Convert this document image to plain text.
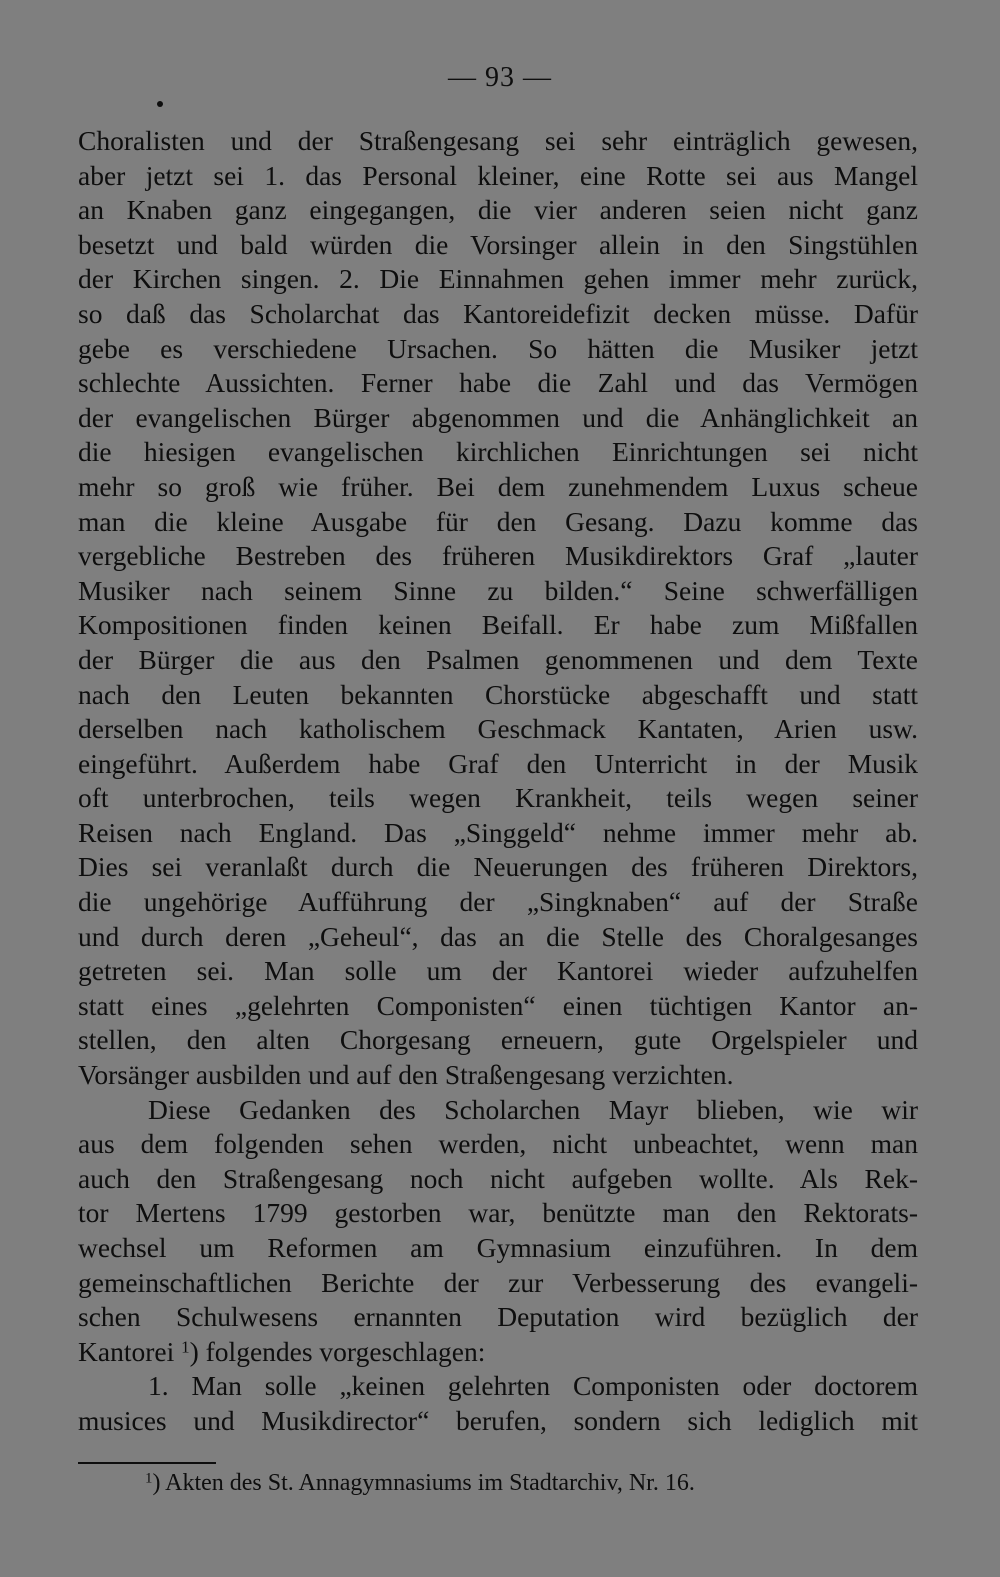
— 93 —
Choralisten und der Straßengesang sei sehr einträglich gewesen,
aber jetzt sei 1. das Personal kleiner, eine Rotte sei aus Mangel
an Knaben ganz eingegangen, die vier anderen seien nicht ganz
besetzt und bald würden die Vorsinger allein in den Singstühlen
der Kirchen singen. 2. Die Einnahmen gehen immer mehr zurück,
so daß das Scholarchat das Kantoreidefizit decken müsse. Dafür
gebe es verschiedene Ursachen. So hätten die Musiker jetzt
schlechte Aussichten. Ferner habe die Zahl und das Vermögen
der evangelischen Bürger abgenommen und die Anhänglichkeit an
die hiesigen evangelischen kirchlichen Einrichtungen sei nicht
mehr so groß wie früher. Bei dem zunehmendem Luxus scheue
man die kleine Ausgabe für den Gesang. Dazu komme das
vergebliche Bestreben des früheren Musikdirektors Graf „lauter
Musiker nach seinem Sinne zu bilden.“ Seine schwerfälligen
Kompositionen finden keinen Beifall. Er habe zum Mißfallen
der Bürger die aus den Psalmen genommenen und dem Texte
nach den Leuten bekannten Chorstücke abgeschafft und statt
derselben nach katholischem Geschmack Kantaten, Arien usw.
eingeführt. Außerdem habe Graf den Unterricht in der Musik
oft unterbrochen, teils wegen Krankheit, teils wegen seiner
Reisen nach England. Das „Singgeld“ nehme immer mehr ab.
Dies sei veranlaßt durch die Neuerungen des früheren Direktors,
die ungehörige Aufführung der „Singknaben“ auf der Straße
und durch deren „Geheul“, das an die Stelle des Choralgesanges
getreten sei. Man solle um der Kantorei wieder aufzuhelfen
statt eines „gelehrten Componisten“ einen tüchtigen Kantor an-
stellen, den alten Chorgesang erneuern, gute Orgelspieler und
Vorsänger ausbilden und auf den Straßengesang verzichten.
Diese Gedanken des Scholarchen Mayr blieben, wie wir
aus dem folgenden sehen werden, nicht unbeachtet, wenn man
auch den Straßengesang noch nicht aufgeben wollte. Als Rek-
tor Mertens 1799 gestorben war, benützte man den Rektorats-
wechsel um Reformen am Gymnasium einzuführen. In dem
gemeinschaftlichen Berichte der zur Verbesserung des evangeli-
schen Schulwesens ernannten Deputation wird bezüglich der
Kantorei $^1$) folgendes vorgeschlagen:
1. Man solle „keinen gelehrten Componisten oder doctorem
musices und Musikdirector“ berufen, sondern sich lediglich mit
$^1$) Akten des St. Annagymnasiums im Stadtarchiv, Nr. 16.
